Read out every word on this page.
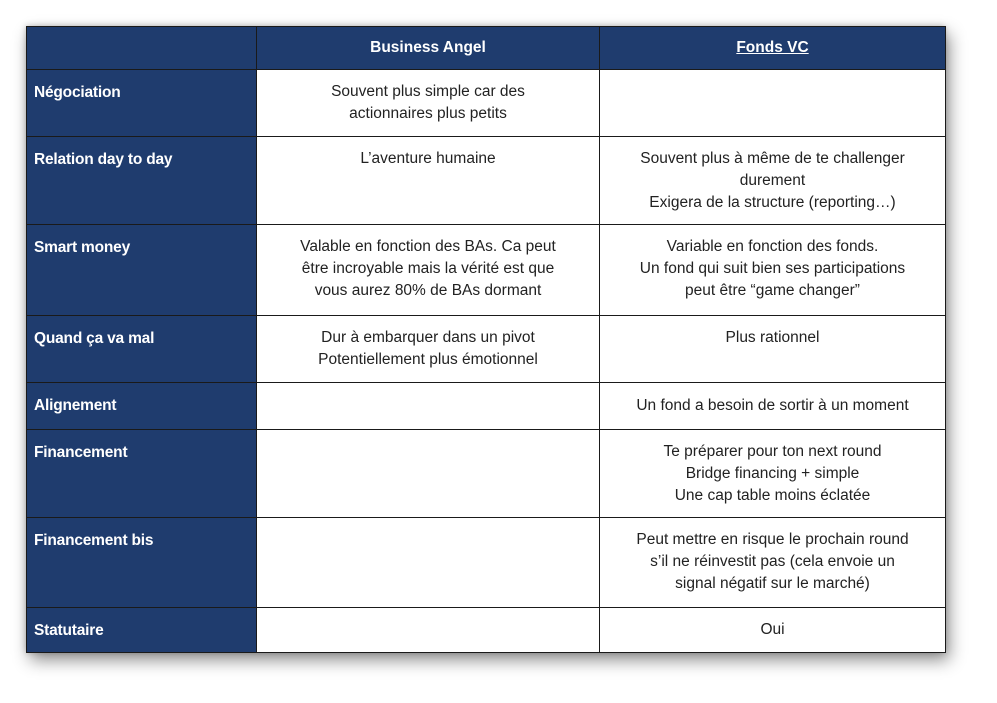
	Business Angel	Fonds VC
Négociation	Souvent plus simple car des
actionnaires plus petits	
Relation day to day	L’aventure humaine	Souvent plus à même de te challenger
durement
Exigera de la structure (reporting…)
Smart money	Valable en fonction des BAs. Ca peut
être incroyable mais la vérité est que
vous aurez 80% de BAs dormant	Variable en fonction des fonds.
Un fond qui suit bien ses participations
peut être “game changer”
Quand ça va mal	Dur à embarquer dans un pivot
Potentiellement plus émotionnel	Plus rationnel
Alignement		Un fond a besoin de sortir à un moment
Financement		Te préparer pour ton next round
Bridge financing + simple
Une cap table moins éclatée
Financement bis		Peut mettre en risque le prochain round
s’il ne réinvestit pas (cela envoie un
signal négatif sur le marché)
Statutaire		Oui
